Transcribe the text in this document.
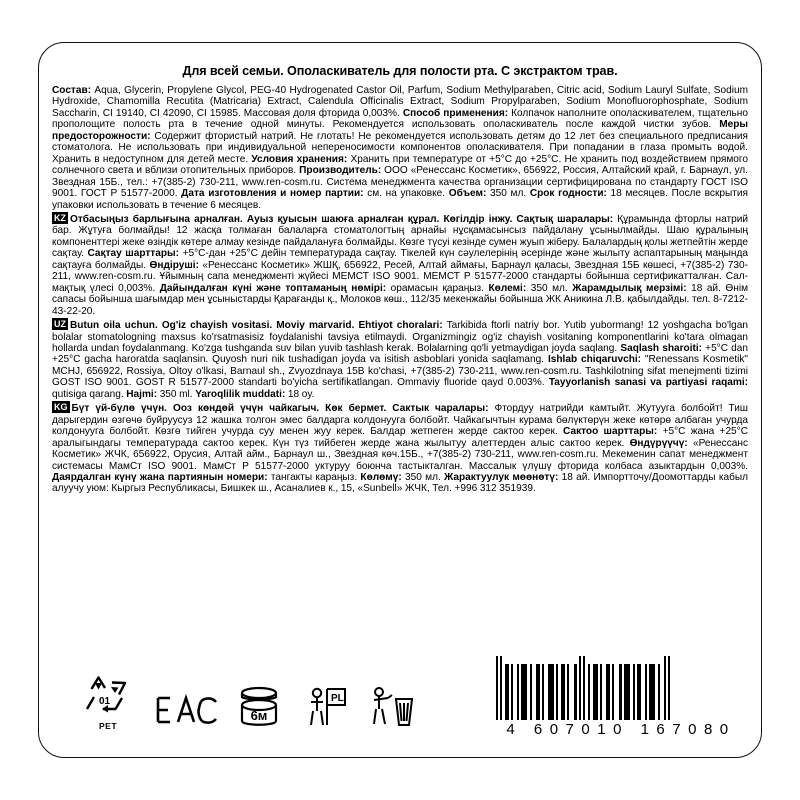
Для всей семьи. Ополаскиватель для полости рта. С экстрактом трав.
Состав: Aqua, Glycerin, Propylene Glycol, PEG-40 Hydrogenated Castor Oil, Parfum, Sodium Methylparaben, Citric acid, Sodium Lauryl Sulfate, Sodium Hydroxide, Chamomilla Recutita (Matricaria) Extract, Calendula Officinalis Extract, Sodium Propylparaben, Sodium Monofluorophosphate, Sodium Saccharin, CI 19140, CI 42090, CI 15985. Массовая доля фторида 0,003%. Способ применения: Колпачок наполните ополаскивателем, тщательно прополощите полость рта в течение одной минуты. Рекомендуется использовать ополаскиватель после каждой чистки зубов. Меры предосторожности: Содержит фтористый натрий. Не глотать! Не рекомендуется использовать детям до 12 лет без специального предписания стоматолога. Не использовать при индивидуальной непереносимости компонентов ополаскивателя. При попадании в глаза промыть водой. Хранить в недоступном для детей месте. Условия хранения: Хранить при температуре от +5°С до +25°С. Не хранить под воздействием прямого солнечного света и вблизи отопительных приборов. Производитель: ООО «Ренессанс Косметик», 656922, Россия, Алтайский край, г. Барнаул, ул. Звездная 15Б., тел.: +7(385-2) 730-211, www.ren-cosm.ru. Система менеджмента качества организации сертифицирована по стандарту ГОСТ ISO 9001. ГОСТ Р 51577-2000. Дата изготовления и номер партии: см. на упаковке. Объем: 350 мл. Срок годности: 18 месяцев. После вскрытия упаковки использовать в течение 6 месяцев.
KZ Отбасыңыз барлығына арналған. Ауыз қуысын шаюға арналған құрал. Көгілдір інжу. Сақтық шаралары: Құрамында фторлы натрий бар. Жұтуға болмайды! 12 жасқа толмаған балаларға стоматологтың арнайы нұсқамасынсыз пайдалану ұсынылмайды. Шаю құралының компоненттері жеке өзіндік көтере алмау кезінде пайдалануға болмайды. Көзге түсуі кезінде сумен жуып жіберу. Балалардың қолы жетпейтін жерде сақтау. Сақтау шарттары: +5°С-дан +25°С дейін температурада сақтау. Тікелей күн сәулелерінің әсерінде және жылыту аспаптарының маңында сақтауға болмайды. Өндіруші: «Ренессанс Косметик» ЖШҚ, 656922, Ресей, Алтай аймағы, Барнаул қаласы, Звездная 15Б көшесі, +7(385-2) 730-211, www.ren-cosm.ru. Ұйымның сапа менеджменті жүйесі МЕМСТ ISO 9001. МЕМСТ Р 51577-2000 стандарты бойынша сертификатталған. Сал-мақтық үлесі 0,003%. Дайындалған күні және топтаманың нөмірі: орамасын қараңыз. Көлемі: 350 мл. Жарамдылық мерзімі: 18 ай. Өнім сапасы бойынша шағымдар мен ұсыныстарды Қарағанды қ., Молоков көш., 112/35 мекенжайы бойынша ЖК Аникина Л.В. қабылдайды. тел. 8-7212-43-22-20.
UZ Butun oila uchun. Og'iz chayish vositasi. Moviy marvarid. Ehtiyot choralari: Tarkibida ftorli natriy bor. Yutib yubormang! 12 yoshgacha bo'lgan bolalar stomatologning maxsus ko'rsatmasisiz foydalanishi tavsiya etilmaydi. Organizmingiz og'iz chayish vositaning komponentlarini ko'tara olmagan hollarda undan foydalanmang. Ko'zga tushganda suv bilan yuvib tashlash kerak. Bolalarning qo'li yetmaydigan joyda saqlang. Saqlash sharoiti: +5°C dan +25°C gacha haroratda saqlansin. Quyosh nuri nik tushadigan joyda va isitish asboblari yonida saqlamang. Ishlab chiqaruvchi: "Renessans Kosmetik" MCHJ, 656922, Rossiya, Oltoy o'lkasi, Barnaul sh., Zvyozdnaya 15B ko'chasi, +7(385-2) 730-211, www.ren-cosm.ru. Tashkilotning sifat menejmenti tizimi GOST ISO 9001. GOST R 51577-2000 standarti bo'yicha sertifikatlangan. Ommaviy fluoride qayd 0.003%. Tayyorlanish sanasi va partiyasi raqami: qutisiga qarang. Hajmi: 350 ml. Yaroqlilik muddati: 18 oy.
KG Бүт үй-бүлө үчүн. Ооз көндөй үчүн чайкагыч. Көк бермет. Сактык чаралары: Фтордуу натрийди камтыйт. Жутууга болбойт! Тиш дарыгердин өзгөчө буйруусуз 12 жашка толгон эмес балдарга колдонууга болбойт. Чайкагычтын курама бөлүктөрүн жеке көтөрө албаган учурда колдонууга болбойт. Көзгө тийген учурда суу менен жуу керек. Балдар жетпеген жерде сактоо керек. Сактоо шарттары: +5°С жана +25°С аралыгындагы температурада сактоо керек. Күн түз тийбеген жерде жана жылытуу алеттерден алыс сактоо керек. Өндүрүүчү: «Ренессанс Косметик» ЖЧК, 656922, Орусия, Алтай айм., Барнаул ш., Звездная көч.15Б., +7(385-2) 730-211, www.ren-cosm.ru. Мекеменин сапат менеджмент системасы МамСт ISO 9001. МамСт Р 51577-2000 уктуруу боюнча тастыкталган. Массалык үлүшү фторида колбаса азыктардын 0,003%. Даярдалган күнү жана партиянын номери: тангакты караңыз. Көлөмү: 350 мл. Жарактуулук мөөнөтү: 18 ай. Импортточу/Доомоттарды кабыл алуучу уюм: Кыргыз Республикасы, Бишкек ш., Асаналиев к., 15, «Sunbell» ЖЧК, Тел. +996 312 351939.
01
PET
6м
PL
4 607010 167080
